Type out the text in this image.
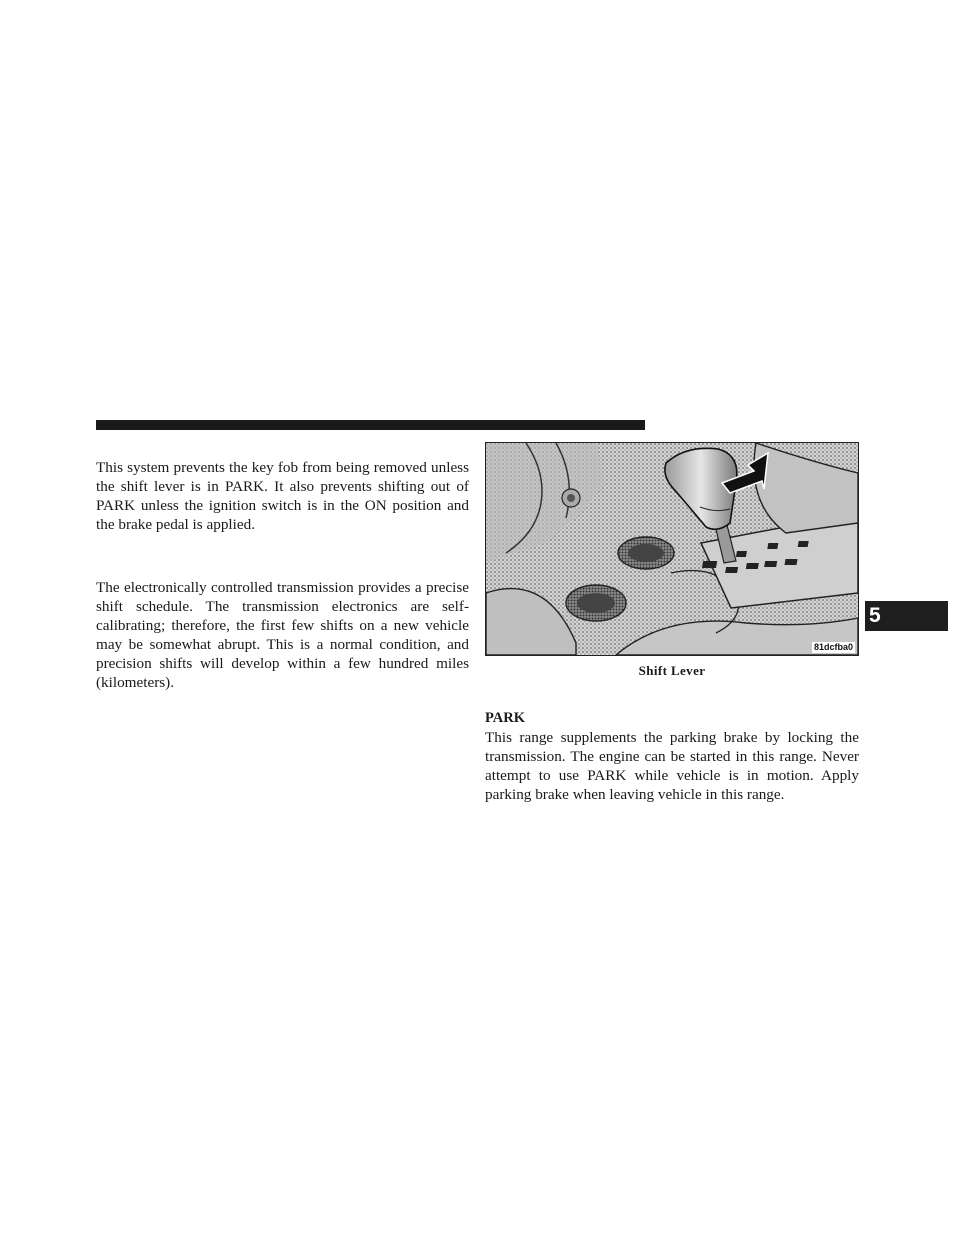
This system prevents the key fob from being removed unless the shift lever is in PARK. It also prevents shifting out of PARK unless the ignition switch is in the ON position and the brake pedal is applied.

The electronically controlled transmission provides a precise shift schedule. The transmission electronics are self-calibrating; therefore, the first few shifts on a new vehicle may be somewhat abrupt. This is a normal condition, and precision shifts will develop within a few hundred miles (kilometers).

81dcfba0

Shift Lever

PARK

This range supplements the parking brake by locking the transmission. The engine can be started in this range. Never attempt to use PARK while vehicle is in motion. Apply parking brake when leaving vehicle in this range.

5
